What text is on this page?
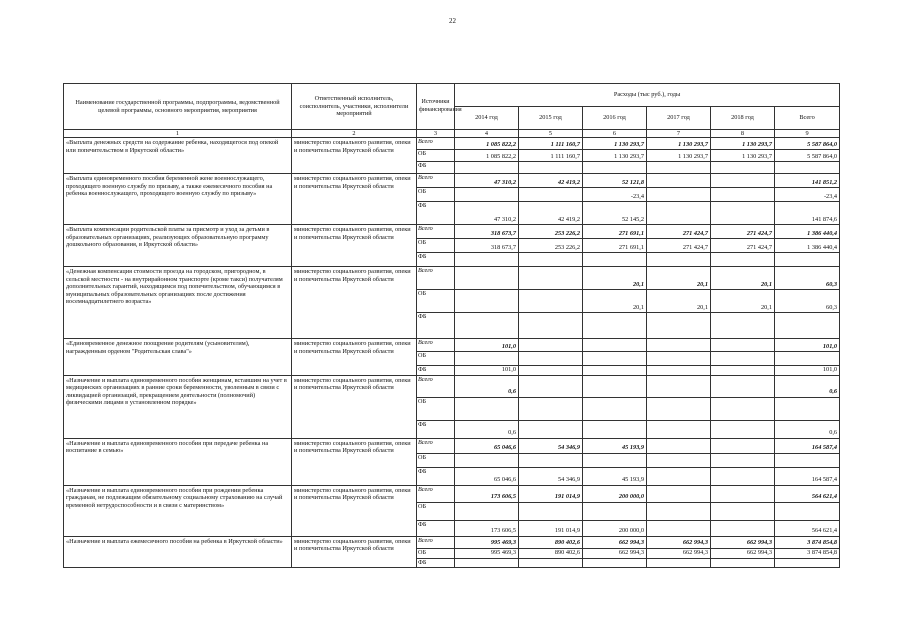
22
Наименование государственной программы, подпрограммы, ведомственной целевой программы, основного мероприятия, мероприятия	Ответственный исполнитель, соисполнитель, участники, исполнители мероприятий	Источники финансирования	Расходы (тыс руб.), годы					
			2014 год	2015 год	2016 год	2017 год	2018 год	Всего
1	2	3	4	5	6	7	8	9
«Выплата денежных средств на содержание ребенка, находящегося под опекой или попечительством в Иркутской области»	министерство социального развития, опеки и попечительства Иркутской области	Всего	1 085 822,2	1 111 160,7	1 130 293,7	1 130 293,7	1 130 293,7	5 587 864,0
		ОБ	1 085 822,2	1 111 160,7	1 130 293,7	1 130 293,7	1 130 293,7	5 587 864,0
		ФБ						
«Выплата единовременного пособия беременной жене военнослужащего, проходящего военную службу по призыву, а также ежемесячного пособия на ребенка военнослужащего, проходящего военную службу по призыву»	министерство социального развития, опеки и попечительства Иркутской области	Всего	47 310,2	42 419,2	52 121,8			141 851,2
		ОБ			-23,4			-23,4
		ФБ	47 310,2	42 419,2	52 145,2			141 874,6
«Выплата компенсации родительской платы за присмотр и уход за детьми в образовательных организациях, реализующих образовательную программу дошкольного образования, в Иркутской области»	министерство социального развития, опеки и попечительства Иркутской области	Всего	318 673,7	253 226,2	271 691,1	271 424,7	271 424,7	1 386 440,4
		ОБ	318 673,7	253 226,2	271 691,1	271 424,7	271 424,7	1 386 440,4
		ФБ						
«Денежная компенсация стоимости проезда на городском, пригородном, в сельской местности - на внутрирайонном транспорте (кроме такси) получателям дополнительных гарантий, находящимся под попечительством, обучающимся в муниципальных образовательных организациях после достижения восемнадцатилетнего возраста»	министерство социального развития, опеки и попечительства Иркутской области	Всего			20,1	20,1	20,1	60,3
		ОБ			20,1	20,1	20,1	60,3
		ФБ						
«Единовременное денежное поощрение родителям (усыновителям), награжденным орденом "Родительская слава"»	министерство социального развития, опеки и попечительства Иркутской области	Всего	101,0					101,0
		ОБ						
		ФБ	101,0					101,0
«Назначение и выплата единовременного пособия женщинам, вставшим на учет в медицинских организациях в ранние сроки беременности, уволенным в связи с ликвидацией организаций, прекращением деятельности (полномочий) физическими лицами в установленном порядке»	министерство социального развития, опеки и попечительства Иркутской области	Всего	0,6					0,6
		ОБ						
		ФБ	0,6					0,6
«Назначение и выплата единовременного пособия при передаче ребенка на воспитание в семью»	министерство социального развития, опеки и попечительства Иркутской области	Всего	65 046,6	54 346,9	45 193,9			164 587,4
		ОБ						
		ФБ	65 046,6	54 346,9	45 193,9			164 587,4
«Назначение и выплата единовременного пособия при рождении ребенка гражданам, не подлежащим обязательному социальному страхованию на случай временной нетрудоспособности и в связи с материнством»	министерство социального развития, опеки и попечительства Иркутской области	Всего	173 606,5	191 014,9	200 000,0			564 621,4
		ОБ						
		ФБ	173 606,5	191 014,9	200 000,0			564 621,4
«Назначение и выплата ежемесячного пособия на ребенка в Иркутской области»	министерство социального развития, опеки и попечительства Иркутской области	Всего	995 469,3	890 402,6	662 994,3	662 994,3	662 994,3	3 874 854,8
		ОБ	995 469,3	890 402,6	662 994,3	662 994,3	662 994,3	3 874 854,8
		ФБ						
